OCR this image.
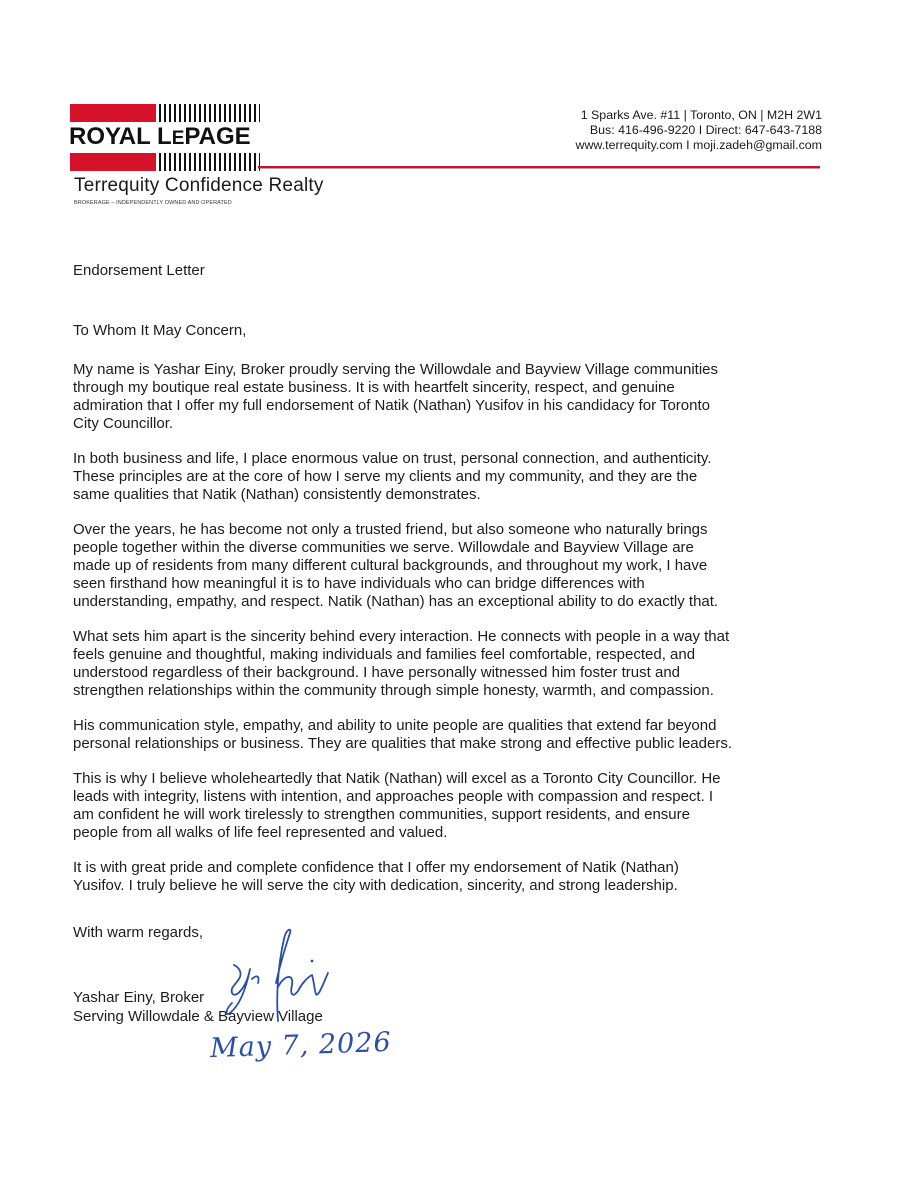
ROYAL LEPAGE
Terrequity Confidence Realty
BROKERAGE – INDEPENDENTLY OWNED AND OPERATED
1 Sparks Ave. #11 | Toronto, ON | M2H 2W1
Bus: 416-496-9220 I Direct: 647-643-7188
www.terrequity.com I moji.zadeh@gmail.com
Endorsement Letter
To Whom It May Concern,

My name is Yashar Einy, Broker proudly serving the Willowdale and Bayview Village communities
through my boutique real estate business. It is with heartfelt sincerity, respect, and genuine
admiration that I offer my full endorsement of Natik (Nathan) Yusifov in his candidacy for Toronto
City Councillor.

In both business and life, I place enormous value on trust, personal connection, and authenticity.
These principles are at the core of how I serve my clients and my community, and they are the
same qualities that Natik (Nathan) consistently demonstrates.

Over the years, he has become not only a trusted friend, but also someone who naturally brings
people together within the diverse communities we serve. Willowdale and Bayview Village are
made up of residents from many different cultural backgrounds, and throughout my work, I have
seen firsthand how meaningful it is to have individuals who can bridge differences with
understanding, empathy, and respect. Natik (Nathan) has an exceptional ability to do exactly that.

What sets him apart is the sincerity behind every interaction. He connects with people in a way that
feels genuine and thoughtful, making individuals and families feel comfortable, respected, and
understood regardless of their background. I have personally witnessed him foster trust and
strengthen relationships within the community through simple honesty, warmth, and compassion.

His communication style, empathy, and ability to unite people are qualities that extend far beyond
personal relationships or business. They are qualities that make strong and effective public leaders.

This is why I believe wholeheartedly that Natik (Nathan) will excel as a Toronto City Councillor. He
leads with integrity, listens with intention, and approaches people with compassion and respect. I
am confident he will work tirelessly to strengthen communities, support residents, and ensure
people from all walks of life feel represented and valued.

It is with great pride and complete confidence that I offer my endorsement of Natik (Nathan)
Yusifov. I truly believe he will serve the city with dedication, sincerity, and strong leadership.

With warm regards,
Yashar Einy, Broker
Serving Willowdale & Bayview Village
May 7, 2026
